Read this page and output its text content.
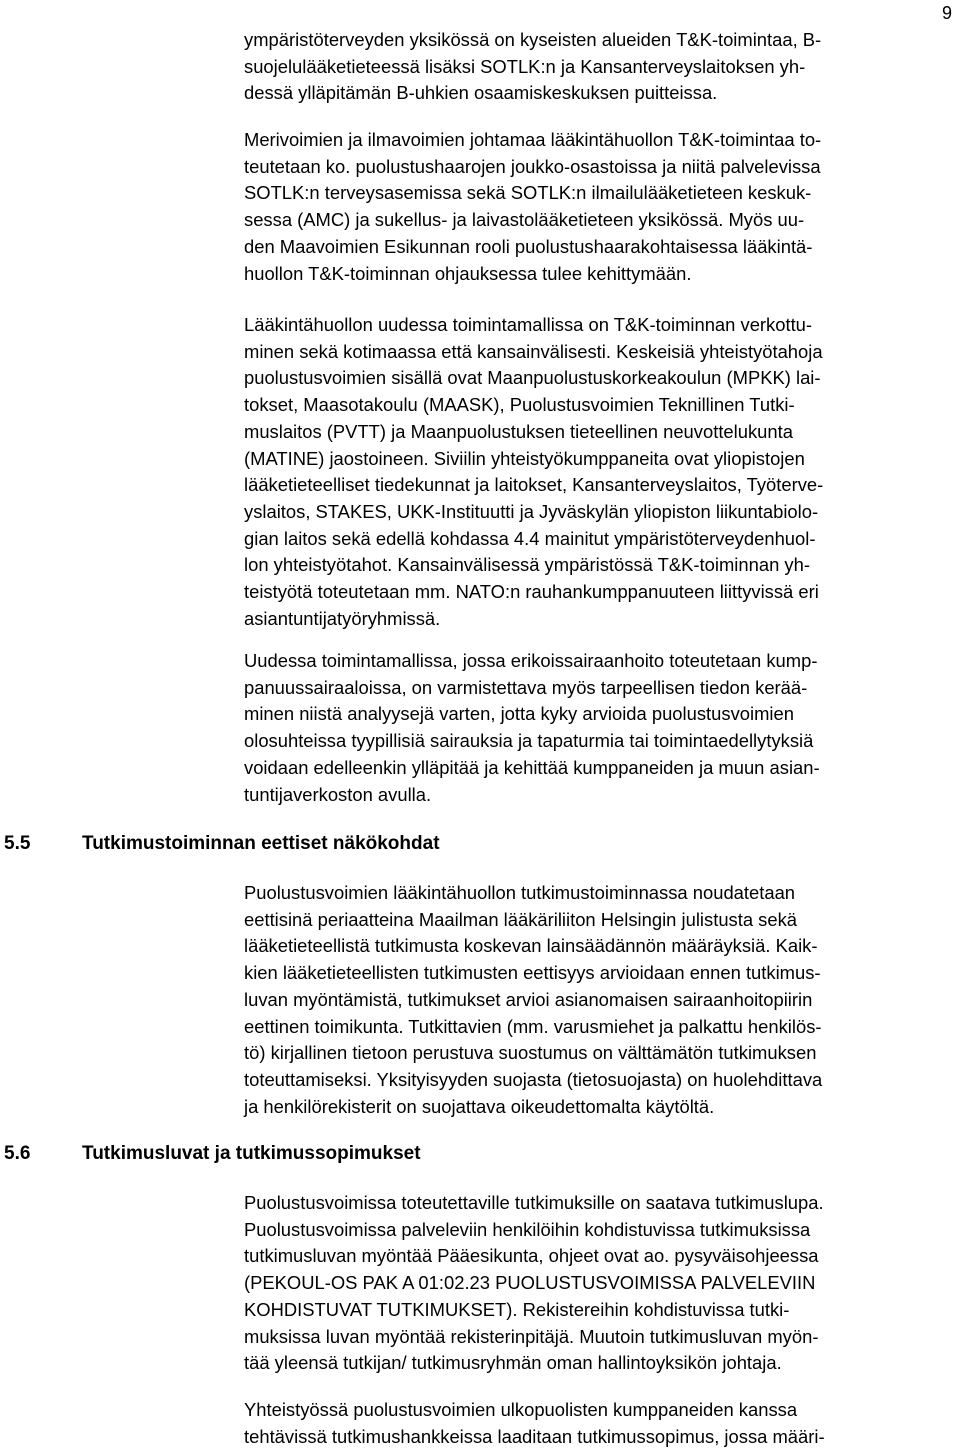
9

ympäristöterveyden yksikössä on kyseisten alueiden T&K-toimintaa, B-
suojelulääketieteessä lisäksi SOTLK:n ja Kansanterveyslaitoksen yh-
dessä ylläpitämän B-uhkien osaamiskeskuksen puitteissa.

Merivoimien ja ilmavoimien johtamaa lääkintähuollon T&K-toimintaa to-
teutetaan ko. puolustushaarojen joukko-osastoissa ja niitä palvelevissa
SOTLK:n terveysasemissa sekä SOTLK:n ilmailulääketieteen keskuk-
sessa (AMC) ja sukellus- ja laivastolääketieteen yksikössä. Myös uu-
den Maavoimien Esikunnan rooli puolustushaarakohtaisessa lääkintä-
huollon T&K-toiminnan ohjauksessa tulee kehittymään.

Lääkintähuollon uudessa toimintamallissa on T&K-toiminnan verkottu-
minen sekä kotimaassa että kansainvälisesti. Keskeisiä yhteistyötahoja
puolustusvoimien sisällä ovat Maanpuolustuskorkeakoulun (MPKK) lai-
tokset, Maasotakoulu (MAASK), Puolustusvoimien Teknillinen Tutki-
muslaitos (PVTT) ja Maanpuolustuksen tieteellinen neuvottelukunta
(MATINE) jaostoineen. Siviilin yhteistyökumppaneita ovat yliopistojen
lääketieteelliset tiedekunnat ja laitokset, Kansanterveyslaitos, Työterve-
yslaitos, STAKES, UKK-Instituutti ja Jyväskylän yliopiston liikuntabiolo-
gian laitos sekä edellä kohdassa 4.4 mainitut ympäristöterveydenhuol-
lon yhteistyötahot. Kansainvälisessä ympäristössä T&K-toiminnan yh-
teistyötä toteutetaan mm. NATO:n rauhankumppanuuteen liittyvissä eri
asiantuntijatyöryhmissä.

Uudessa toimintamallissa, jossa erikoissairaanhoito toteutetaan kump-
panuussairaaloissa, on varmistettava myös tarpeellisen tiedon kerää-
minen niistä analyysejä varten, jotta kyky arvioida puolustusvoimien
olosuhteissa tyypillisiä sairauksia ja tapaturmia tai toimintaedellytyksiä
voidaan edelleenkin ylläpitää ja kehittää kumppaneiden ja muun asian-
tuntijaverkoston avulla.

5.5	Tutkimustoiminnan eettiset näkökohdat

Puolustusvoimien lääkintähuollon tutkimustoiminnassa noudatetaan
eettisinä periaatteina Maailman lääkäriliiton Helsingin julistusta sekä
lääketieteellistä tutkimusta koskevan lainsäädännön määräyksiä. Kaik-
kien lääketieteellisten tutkimusten eettisyys arvioidaan ennen tutkimus-
luvan myöntämistä, tutkimukset arvioi asianomaisen sairaanhoitopiirin
eettinen toimikunta. Tutkittavien (mm. varusmiehet ja palkattu henkilös-
tö) kirjallinen tietoon perustuva suostumus on välttämätön tutkimuksen
toteuttamiseksi. Yksityisyyden suojasta (tietosuojasta) on huolehdittava
ja henkilörekisterit on suojattava oikeudettomalta käytöltä.

5.6	Tutkimusluvat ja tutkimussopimukset

Puolustusvoimissa toteutettaville tutkimuksille on saatava tutkimuslupa.
Puolustusvoimissa palveleviin henkilöihin kohdistuvissa tutkimuksissa
tutkimusluvan myöntää Pääesikunta, ohjeet ovat ao. pysyväisohjeessa
(PEKOUL-OS PAK A 01:02.23 PUOLUSTUSVOIMISSA PALVELEVIIN
KOHDISTUVAT TUTKIMUKSET). Rekistereihin kohdistuvissa tutki-
muksissa luvan myöntää rekisterinpitäjä. Muutoin tutkimusluvan myön-
tää yleensä tutkijan/ tutkimusryhmän oman hallintoyksikön johtaja.

Yhteistyössä puolustusvoimien ulkopuolisten kumppaneiden kanssa
tehtävissä tutkimushankkeissa laaditaan tutkimussopimus, jossa määri-
